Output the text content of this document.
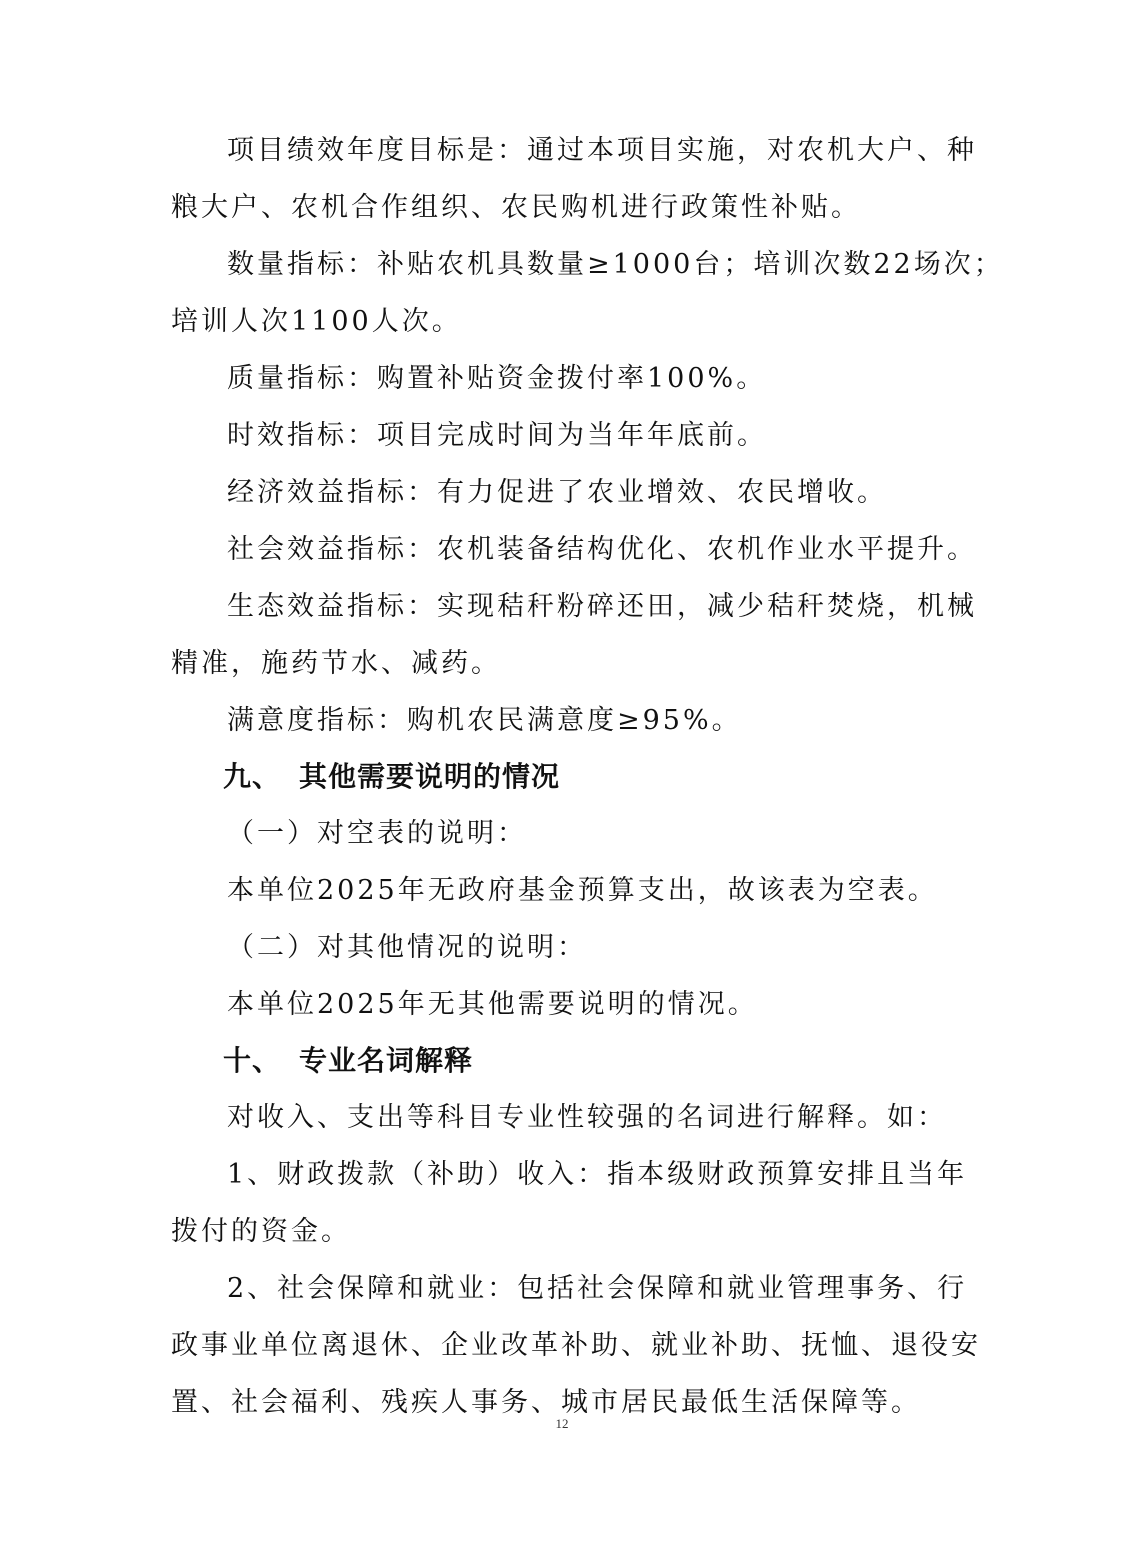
项目绩效年度目标是：通过本项目实施，对农机大户、种
粮大户、农机合作组织、农民购机进行政策性补贴。
数量指标：补贴农机具数量≥1000台；培训次数22场次；
培训人次1100人次。
质量指标：购置补贴资金拨付率100%。
时效指标：项目完成时间为当年年底前。
经济效益指标：有力促进了农业增效、农民增收。
社会效益指标：农机装备结构优化、农机作业水平提升。
生态效益指标：实现秸秆粉碎还田，减少秸秆焚烧，机械
精准，施药节水、减药。
满意度指标：购机农民满意度≥95%。
九、 其他需要说明的情况
（一）对空表的说明：
本单位2025年无政府基金预算支出，故该表为空表。
（二）对其他情况的说明：
本单位2025年无其他需要说明的情况。
十、 专业名词解释
对收入、支出等科目专业性较强的名词进行解释。如：
1、财政拨款（补助）收入：指本级财政预算安排且当年
拨付的资金。
2、社会保障和就业：包括社会保障和就业管理事务、行
政事业单位离退休、企业改革补助、就业补助、抚恤、退役安
置、社会福利、残疾人事务、城市居民最低生活保障等。
12
